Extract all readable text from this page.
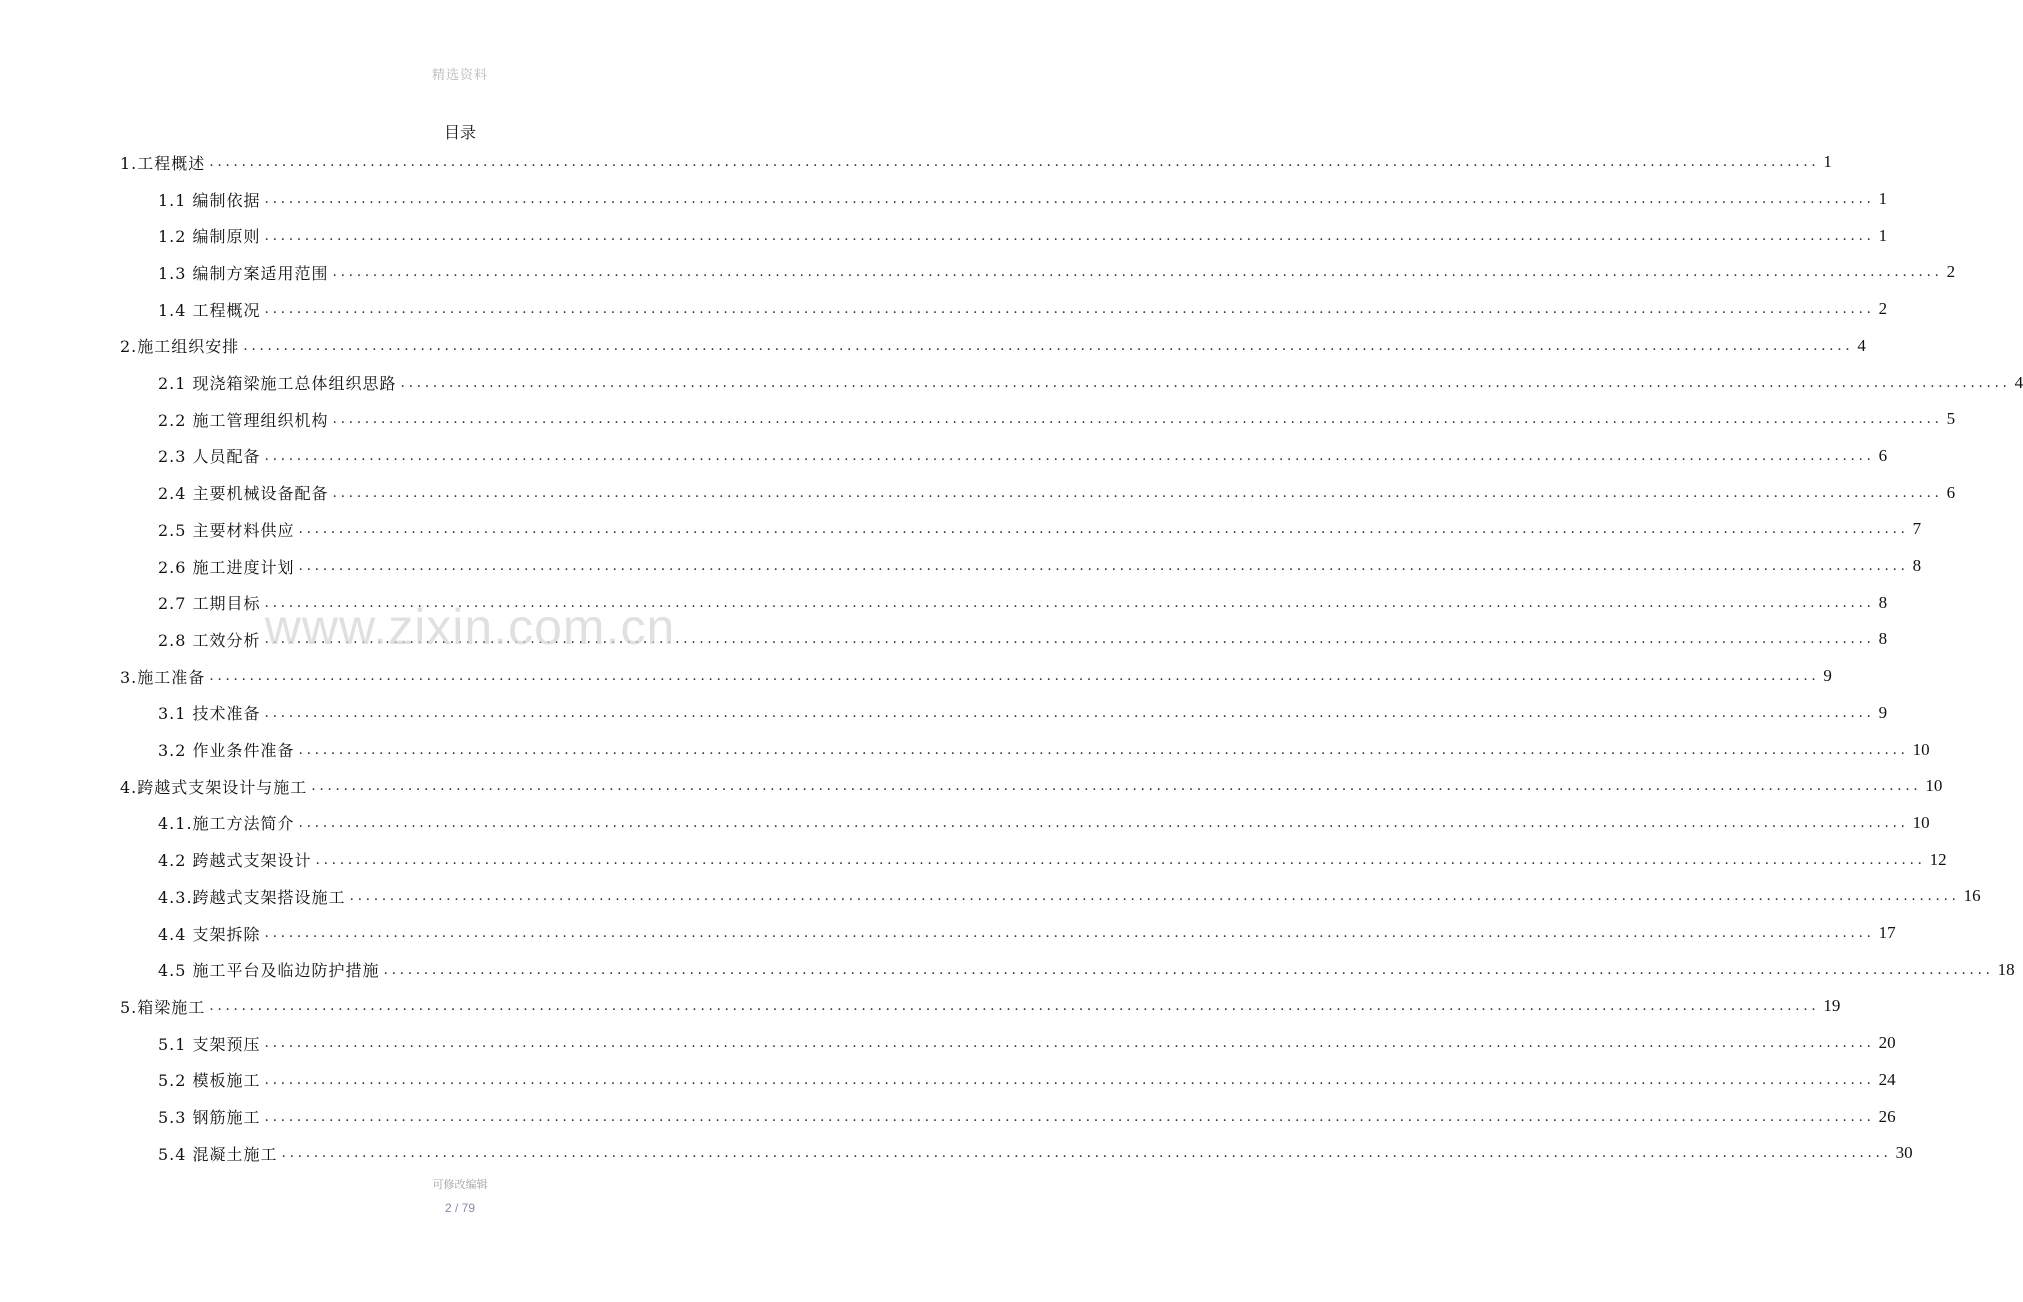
精选资料
目录
1.工程概述 ........................................................................................................................................................................................................ 1
1.1 编制依据 ........................................................................................................................................................................................................ 1
1.2 编制原则 ........................................................................................................................................................................................................ 1
1.3 编制方案适用范围 ........................................................................................................................................................................................................ 2
1.4 工程概况 ........................................................................................................................................................................................................ 2
2.施工组织安排 ........................................................................................................................................................................................................ 4
2.1 现浇箱梁施工总体组织思路 ........................................................................................................................................................................................................ 4
2.2 施工管理组织机构 ........................................................................................................................................................................................................ 5
2.3 人员配备 ........................................................................................................................................................................................................ 6
2.4 主要机械设备配备 ........................................................................................................................................................................................................ 6
2.5 主要材料供应 ........................................................................................................................................................................................................ 7
2.6 施工进度计划 ........................................................................................................................................................................................................ 8
2.7 工期目标 ........................................................................................................................................................................................................ 8
2.8 工效分析 ........................................................................................................................................................................................................ 8
3.施工准备 ........................................................................................................................................................................................................ 9
3.1 技术准备 ........................................................................................................................................................................................................ 9
3.2 作业条件准备 ........................................................................................................................................................................................................ 10
4.跨越式支架设计与施工 ........................................................................................................................................................................................................ 10
4.1.施工方法简介 ........................................................................................................................................................................................................ 10
4.2 跨越式支架设计 ........................................................................................................................................................................................................ 12
4.3.跨越式支架搭设施工 ........................................................................................................................................................................................................ 16
4.4 支架拆除 ........................................................................................................................................................................................................ 17
4.5 施工平台及临边防护措施 ........................................................................................................................................................................................................ 18
5.箱梁施工 ........................................................................................................................................................................................................ 19
5.1 支架预压 ........................................................................................................................................................................................................ 20
5.2 模板施工 ........................................................................................................................................................................................................ 24
5.3 钢筋施工 ........................................................................................................................................................................................................ 26
5.4 混凝土施工 ........................................................................................................................................................................................................ 30
www.zixin.com.cn
可修改编辑
2 / 79
